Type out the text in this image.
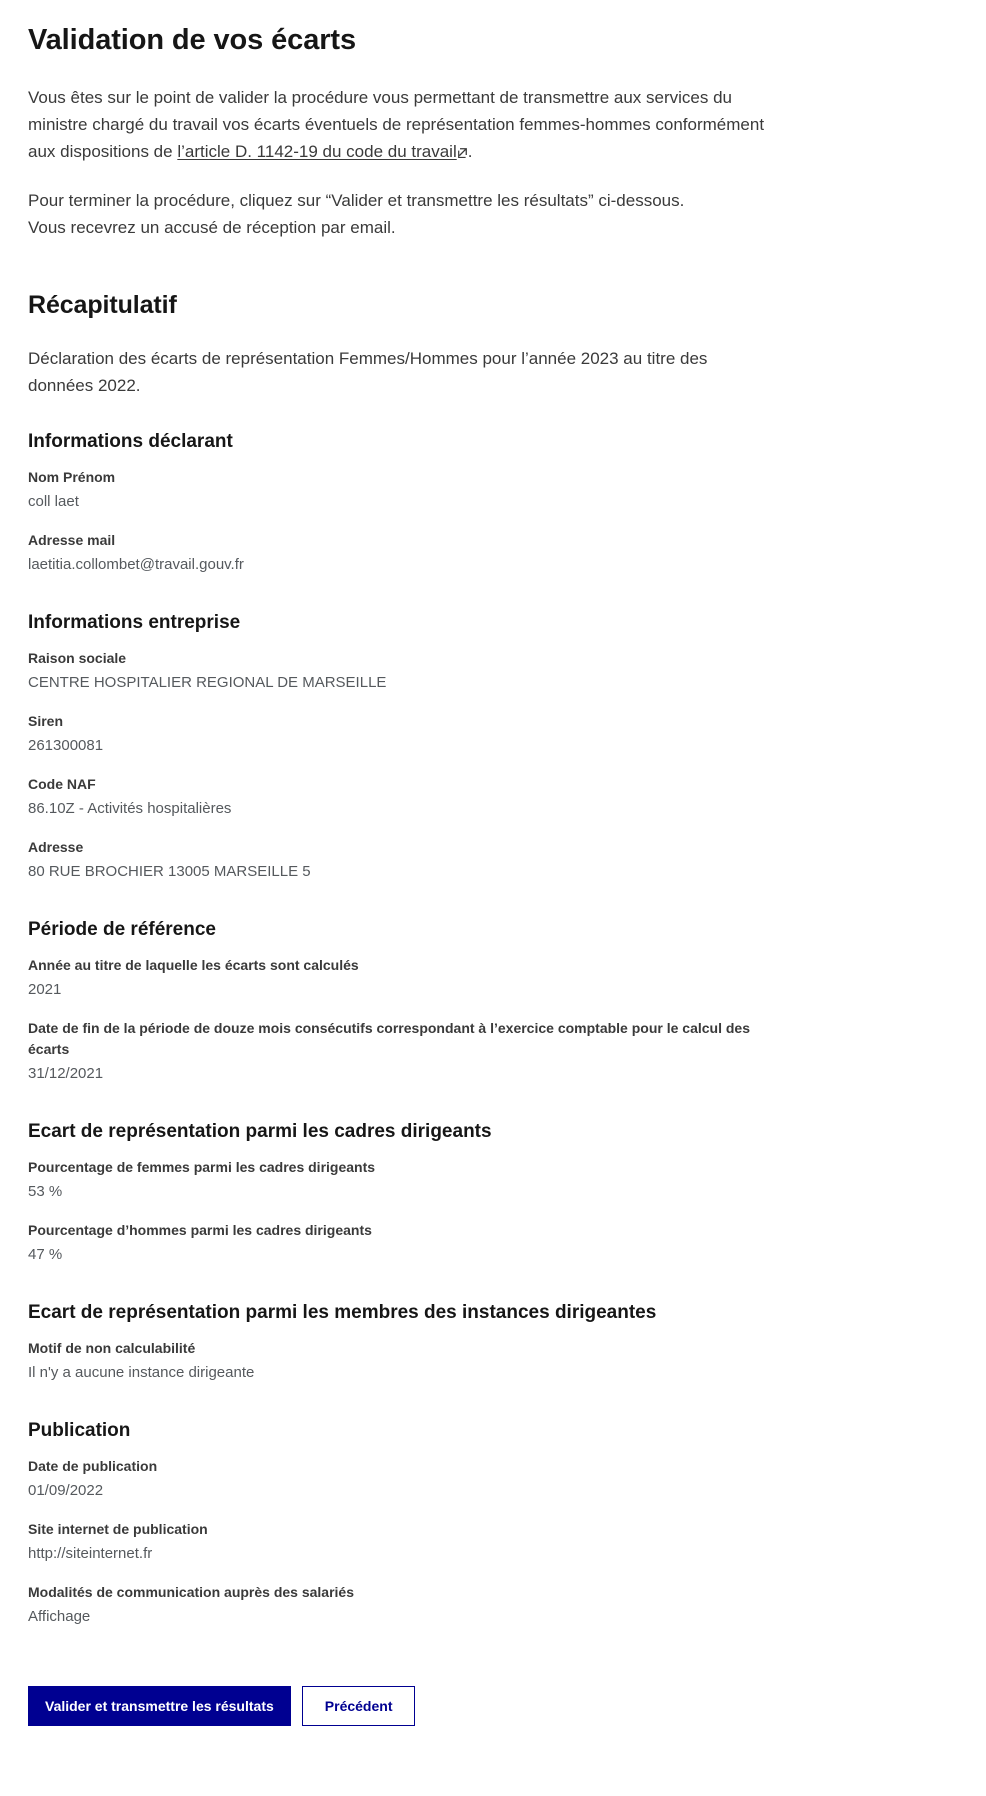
Validation de vos écarts

Vous êtes sur le point de valider la procédure vous permettant de transmettre aux services du ministre chargé du travail vos écarts éventuels de représentation femmes-hommes conformément aux dispositions de l’article D. 1142-19 du code du travail .

Pour terminer la procédure, cliquez sur “Valider et transmettre les résultats” ci-dessous.

Vous recevrez un accusé de réception par email.

Récapitulatif

Déclaration des écarts de représentation Femmes/Hommes pour l’année 2023 au titre des données 2022.

Informations déclarant
Nom Prénom
coll laet
Adresse mail
laetitia.collombet@travail.gouv.fr
Informations entreprise
Raison sociale
CENTRE HOSPITALIER REGIONAL DE MARSEILLE
Siren
261300081
Code NAF
86.10Z - Activités hospitalières
Adresse
80 RUE BROCHIER 13005 MARSEILLE 5
Période de référence
Année au titre de laquelle les écarts sont calculés
2021
Date de fin de la période de douze mois consécutifs correspondant à l’exercice comptable pour le calcul des écarts
31/12/2021
Ecart de représentation parmi les cadres dirigeants
Pourcentage de femmes parmi les cadres dirigeants
53 %
Pourcentage d’hommes parmi les cadres dirigeants
47 %
Ecart de représentation parmi les membres des instances dirigeantes
Motif de non calculabilité
Il n'y a aucune instance dirigeante
Publication
Date de publication
01/09/2022
Site internet de publication
http://siteinternet.fr
Modalités de communication auprès des salariés
Affichage
Valider et transmettre les résultats	Précédent
